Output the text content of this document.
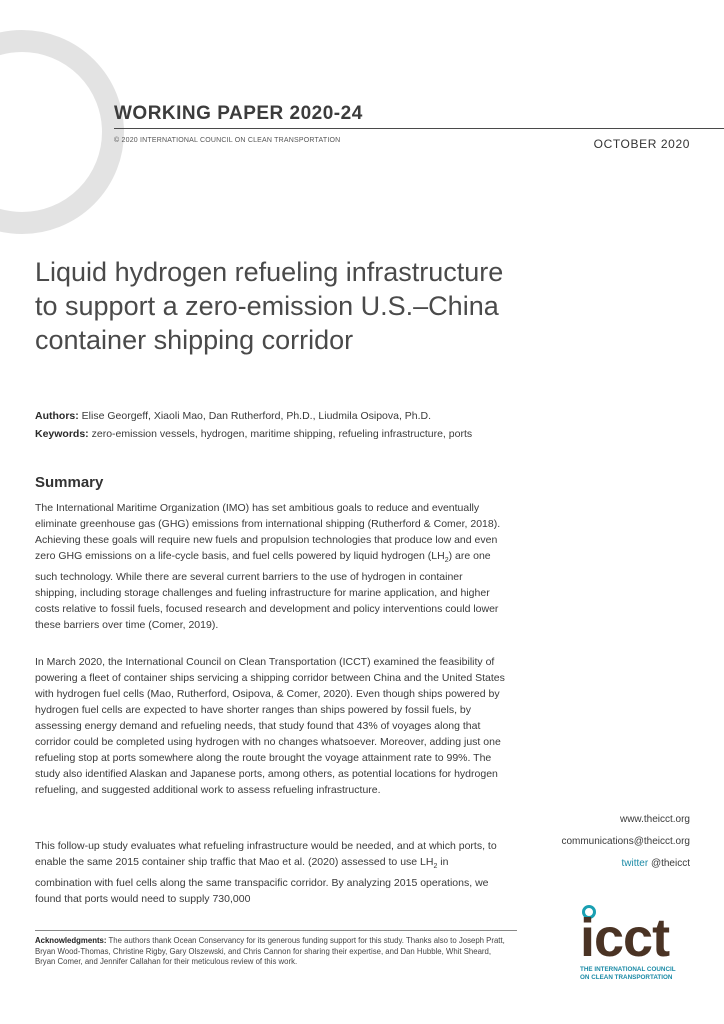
WORKING PAPER 2020-24
© 2020 INTERNATIONAL COUNCIL ON CLEAN TRANSPORTATION	OCTOBER 2020
Liquid hydrogen refueling infrastructure to support a zero-emission U.S.–China container shipping corridor
Authors: Elise Georgeff, Xiaoli Mao, Dan Rutherford, Ph.D., Liudmila Osipova, Ph.D.
Keywords: zero-emission vessels, hydrogen, maritime shipping, refueling infrastructure, ports
Summary

The International Maritime Organization (IMO) has set ambitious goals to reduce and eventually eliminate greenhouse gas (GHG) emissions from international shipping (Rutherford & Comer, 2018). Achieving these goals will require new fuels and propulsion technologies that produce low and even zero GHG emissions on a life-cycle basis, and fuel cells powered by liquid hydrogen $(LH_2)$ are one such technology. While there are several current barriers to the use of hydrogen in container shipping, including storage challenges and fueling infrastructure for marine application, and higher costs relative to fossil fuels, focused research and development and policy interventions could lower these barriers over time (Comer, 2019).

In March 2020, the International Council on Clean Transportation (ICCT) examined the feasibility of powering a fleet of container ships servicing a shipping corridor between China and the United States with hydrogen fuel cells (Mao, Rutherford, Osipova, & Comer, 2020). Even though ships powered by hydrogen fuel cells are expected to have shorter ranges than ships powered by fossil fuels, by assessing energy demand and refueling needs, that study found that 43% of voyages along that corridor could be completed using hydrogen with no changes whatsoever. Moreover, adding just one refueling stop at ports somewhere along the route brought the voyage attainment rate to 99%. The study also identified Alaskan and Japanese ports, among others, as potential locations for hydrogen refueling, and suggested additional work to assess refueling infrastructure.

This follow-up study evaluates what refueling infrastructure would be needed, and at which ports, to enable the same 2015 container ship traffic that Mao et al. (2020) assessed to use $LH_2$ in combination with fuel cells along the same transpacific corridor. By analyzing 2015 operations, we found that ports would need to supply 730,000

www.theicct.org
communications@theicct.org
twitter @theicct
Acknowledgments: The authors thank Ocean Conservancy for its generous funding support for this study. Thanks also to Joseph Pratt, Bryan Wood-Thomas, Christine Rigby, Gary Olszewski, and Chris Cannon for sharing their expertise, and Dan Hubble, Whit Sheard, Bryan Comer, and Jennifer Callahan for their meticulous review of this work.	icct
THE INTERNATIONAL COUNCIL
ON CLEAN TRANSPORTATION
